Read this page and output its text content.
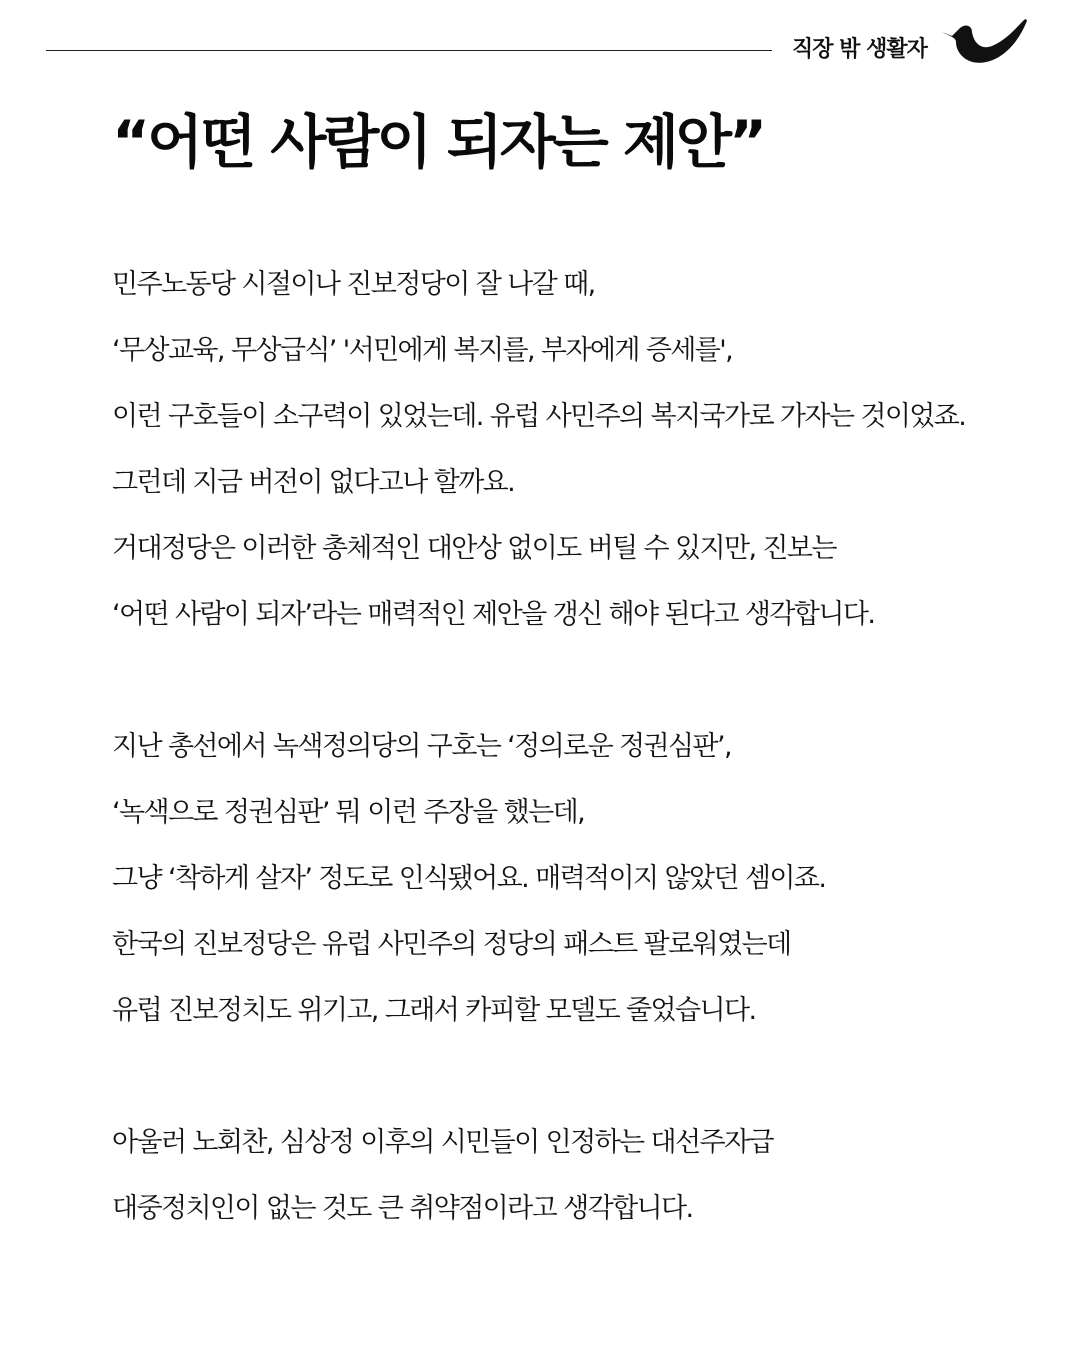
직장 밖 생활자
“어떤 사람이 되자는 제안”
민주노동당 시절이나 진보정당이 잘 나갈 때,
‘무상교육, 무상급식’ '서민에게 복지를, 부자에게 증세를',
이런 구호들이 소구력이 있었는데. 유럽 사민주의 복지국가로 가자는 것이었죠.
그런데 지금 버전이 없다고나 할까요.
거대정당은 이러한 총체적인 대안상 없이도 버틸 수 있지만, 진보는
‘어떤 사람이 되자’라는 매력적인 제안을 갱신 해야 된다고 생각합니다.
지난 총선에서 녹색정의당의 구호는 ‘정의로운 정권심판’,
‘녹색으로 정권심판’ 뭐 이런 주장을 했는데,
그냥 ‘착하게 살자’ 정도로 인식됐어요. 매력적이지 않았던 셈이죠.
한국의 진보정당은 유럽 사민주의 정당의 패스트 팔로워였는데
유럽 진보정치도 위기고, 그래서 카피할 모델도 줄었습니다.
아울러 노회찬, 심상정 이후의 시민들이 인정하는 대선주자급
대중정치인이 없는 것도 큰 취약점이라고 생각합니다.
